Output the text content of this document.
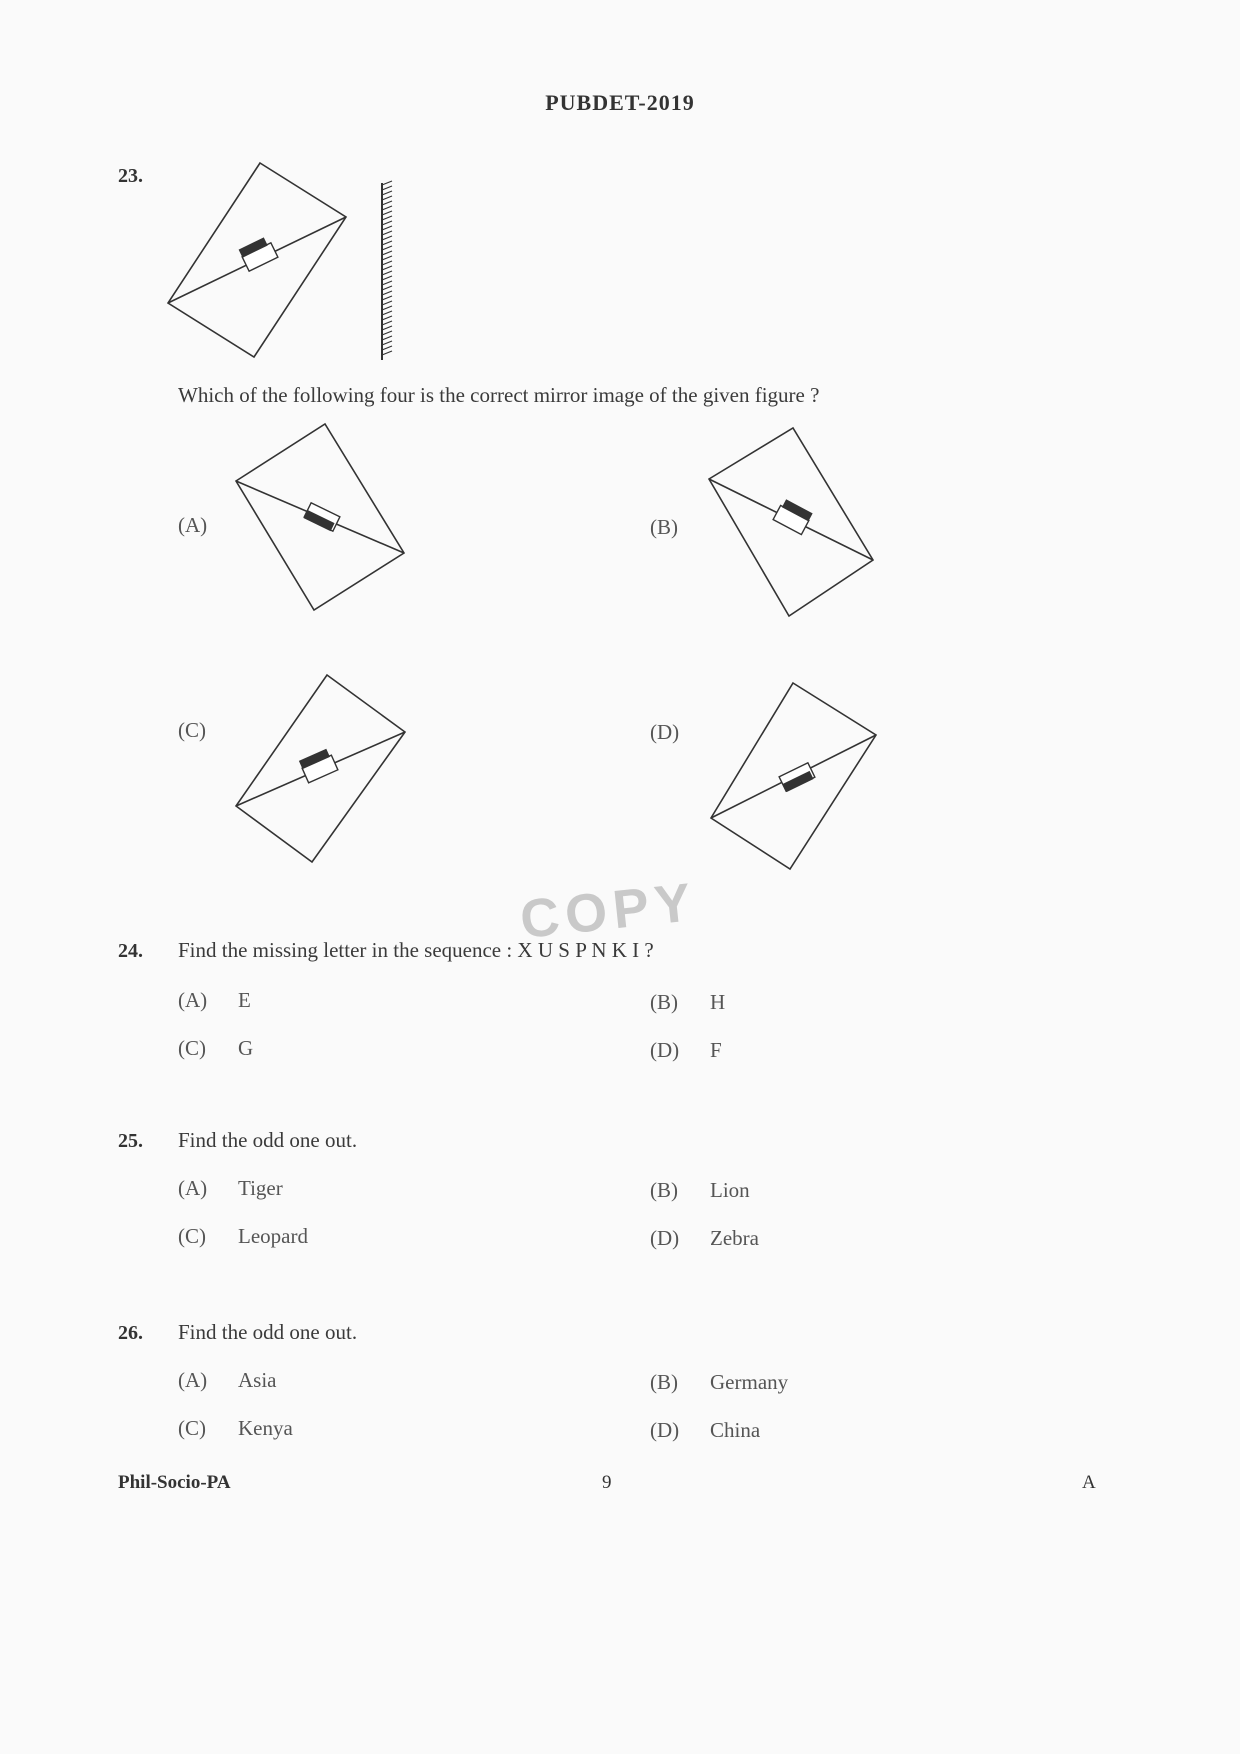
PUBDET-2019
23.
Which of the following four is the correct mirror image of the given figure ?
(A)	(B)
(C)	(D)
COPY
24. Find the missing letter in the sequence : X U S P N K I ?
(A) E	(B) H
(C) G	(D) F
25. Find the odd one out.
(A) Tiger	(B) Lion
(C) Leopard	(D) Zebra
26. Find the odd one out.
(A) Asia	(B) Germany
(C) Kenya	(D) China
Phil-Socio-PA	9	A
